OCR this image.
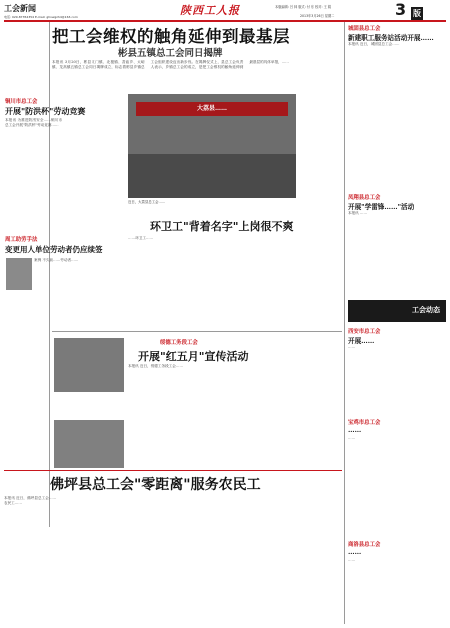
工会新闻
电话: 029-87354354 E-mail: ghxwgzhd@163.com	陕西工人报	本版编辑: 吕 林 版式: 付 东 校对: 王 娟
2013年3月26日 星期二	3 版
把工会维权的触角延伸到最基层
彬县五镇总工会同日揭牌
本报讯 3月20日，彬县义门镇、北极镇、香庙乡、太峪镇、龙高镇五镇总工会同日揭牌成立，标志着彬县乡镇总工会组织建设迈出新步伐。在揭牌仪式上，县总工会负责人表示，乡镇总工会的成立，是把工会维权的触角延伸到最基层的具体举措，……
铜川市总工会
开展"防洪杯"劳动竞赛
本报讯 为推进防汛安全……铜川市总工会开展"防洪杯"劳动竞赛……
周工助劳手法
变更用人单位劳动者仍应续签
案例 不久前……劳动者……
大荔县……
近日，大荔县总工会……
环卫工"背着名字"上岗很不爽
……环卫工……
绥德工务段工会
开展"红五月"宣传活动
本报讯 近日，绥德工务段工会……
佛坪县总工会"零距离"服务农民工
本报讯 近日，佛坪县总工会……农民工……
城固县总工会
新建职工服务站活动开展……
本报讯 近日，城固县总工会……
凤翔县总工会
开展"学雷锋……"活动
本报讯 ……
工会动态
西安市总工会
开展……
……
宝鸡市总工会
……
……
商洛县总工会
……
……
